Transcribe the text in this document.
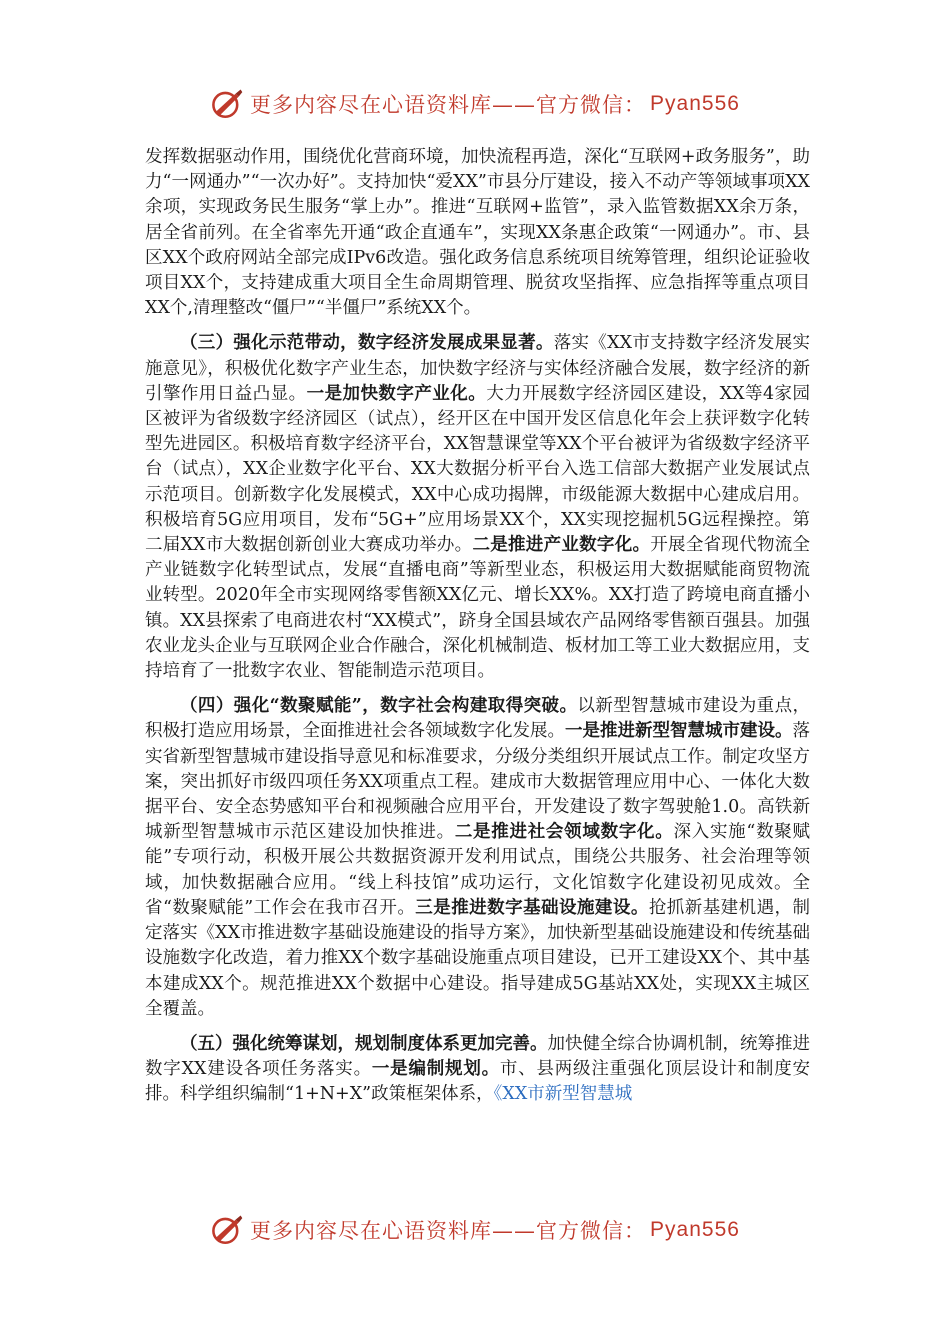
更多内容尽在心语资料库——官方微信： Pyan556

发挥数据驱动作用，围绕优化营商环境，加快流程再造，深化“互联网+政务服务”，助力“一网通办”“一次办好”。支持加快“爱XX”市县分厅建设，接入不动产等领域事项XX余项，实现政务民生服务“掌上办”。推进“互联网+监管”，录入监管数据XX余万条，居全省前列。在全省率先开通“政企直通车”，实现XX条惠企政策“一网通办”。市、县区XX个政府网站全部完成IPv6改造。强化政务信息系统项目统筹管理，组织论证验收项目XX个，支持建成重大项目全生命周期管理、脱贫攻坚指挥、应急指挥等重点项目XX个,清理整改“僵尸”“半僵尸”系统XX个。

（三）强化示范带动，数字经济发展成果显著。落实《XX市支持数字经济发展实施意见》，积极优化数字产业生态，加快数字经济与实体经济融合发展，数字经济的新引擎作用日益凸显。一是加快数字产业化。大力开展数字经济园区建设，XX等4家园区被评为省级数字经济园区（试点），经开区在中国开发区信息化年会上获评数字化转型先进园区。积极培育数字经济平台，XX智慧课堂等XX个平台被评为省级数字经济平台（试点），XX企业数字化平台、XX大数据分析平台入选工信部大数据产业发展试点示范项目。创新数字化发展模式，XX中心成功揭牌，市级能源大数据中心建成启用。积极培育5G应用项目，发布“5G+”应用场景XX个，XX实现挖掘机5G远程操控。第二届XX市大数据创新创业大赛成功举办。二是推进产业数字化。开展全省现代物流全产业链数字化转型试点，发展“直播电商”等新型业态，积极运用大数据赋能商贸物流业转型。2020年全市实现网络零售额XX亿元、增长XX%。XX打造了跨境电商直播小镇。XX县探索了电商进农村“XX模式”，跻身全国县域农产品网络零售额百强县。加强农业龙头企业与互联网企业合作融合，深化机械制造、板材加工等工业大数据应用，支持培育了一批数字农业、智能制造示范项目。

（四）强化“数聚赋能”，数字社会构建取得突破。以新型智慧城市建设为重点，积极打造应用场景，全面推进社会各领域数字化发展。一是推进新型智慧城市建设。落实省新型智慧城市建设指导意见和标准要求，分级分类组织开展试点工作。制定攻坚方案，突出抓好市级四项任务XX项重点工程。建成市大数据管理应用中心、一体化大数据平台、安全态势感知平台和视频融合应用平台，开发建设了数字驾驶舱1.0。高铁新城新型智慧城市示范区建设加快推进。二是推进社会领域数字化。深入实施“数聚赋能”专项行动，积极开展公共数据资源开发利用试点，围绕公共服务、社会治理等领域，加快数据融合应用。“线上科技馆”成功运行，文化馆数字化建设初见成效。全省“数聚赋能”工作会在我市召开。三是推进数字基础设施建设。抢抓新基建机遇，制定落实《XX市推进数字基础设施建设的指导方案》，加快新型基础设施建设和传统基础设施数字化改造，着力推XX个数字基础设施重点项目建设，已开工建设XX个、其中基本建成XX个。规范推进XX个数据中心建设。指导建成5G基站XX处，实现XX主城区全覆盖。

（五）强化统筹谋划，规划制度体系更加完善。加快健全综合协调机制，统筹推进数字XX建设各项任务落实。一是编制规划。市、县两级注重强化顶层设计和制度安排。科学组织编制“1+N+X”政策框架体系，《XX市新型智慧城

更多内容尽在心语资料库——官方微信： Pyan556
